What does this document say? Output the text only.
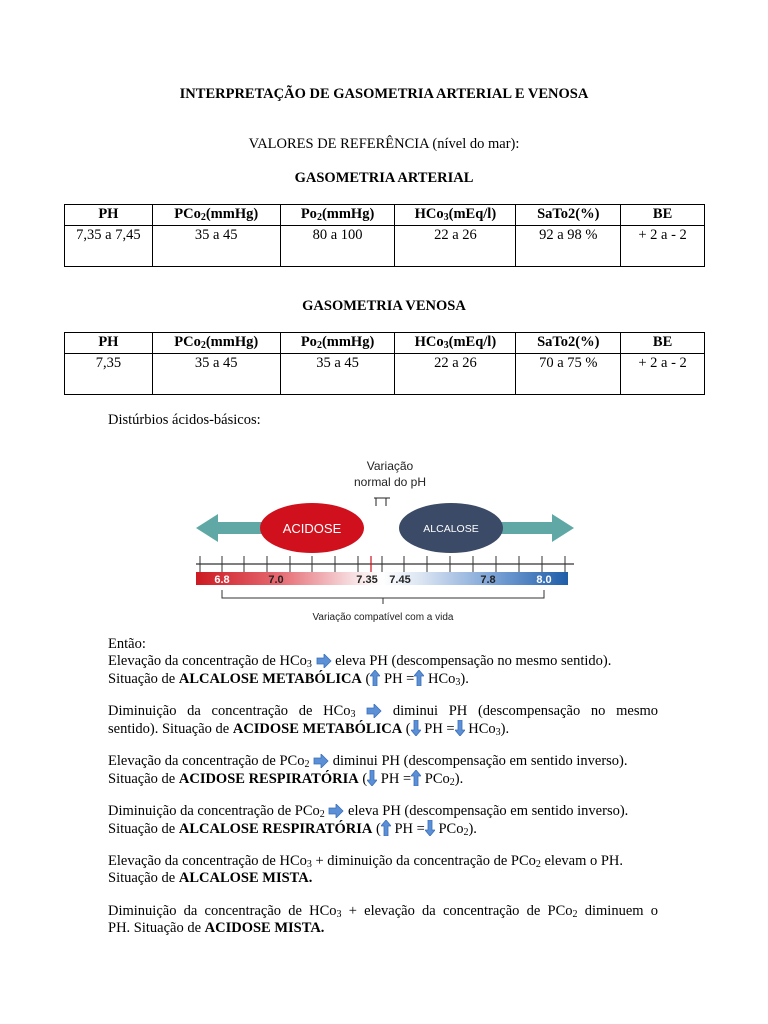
INTERPRETAÇÃO DE GASOMETRIA ARTERIAL E VENOSA
VALORES DE REFERÊNCIA (nível do mar):
GASOMETRIA ARTERIAL
PH	PCo$_2$(mmHg)	$Po_2(mmHg)$	HCo$_3$(mEq/l)	SaTo2(%)	BE
7,35 a 7,45	35 a 45	80 a 100	22 a 26	92 a 98 %	+ 2 a - 2
GASOMETRIA VENOSA
PH	PCo$_2$(mmHg)	$Po_2(mmHg)$	HCo$_3$(mEq/l)	SaTo2(%)	BE
7,35	35 a 45	35 a 45	22 a 26	70 a 75 %	+ 2 a - 2
Distúrbios ácidos-básicos:
Variação
normal do pH
ACIDOSE	ALCALOSE
6.8	7.0	7.35 7.45	7.8	8.0
Variação compatível com a vida
Então:
Elevação da concentração de HCo$_3$ eleva PH (descompensação no mesmo sentido).
Situação de ALCALOSE METABÓLICA ( PH = HCo$_3$).
Diminuição da concentração de HCo$_3$	diminui PH (descompensação no mesmo
sentido). Situação de ACIDOSE METABÓLICA ( PH = HCo$_3$).
Elevação da concentração de PCo$_2$ diminui PH (descompensação em sentido inverso).
Situação de ACIDOSE RESPIRATÓRIA ( PH = PCo$_2$).
Diminuição da concentração de PCo$_2$ eleva PH (descompensação em sentido inverso).
Situação de ALCALOSE RESPIRATÓRIA ( PH = PCo$_2$).
Elevação da concentração de HCo$_3$ + diminuição da concentração de PCo$_2$ elevam o PH.
Situação de ALCALOSE MISTA.
Diminuição da concentração de HCo$_3$ + elevação da concentração de PCo$_2$ diminuem o
PH. Situação de ACIDOSE MISTA.
